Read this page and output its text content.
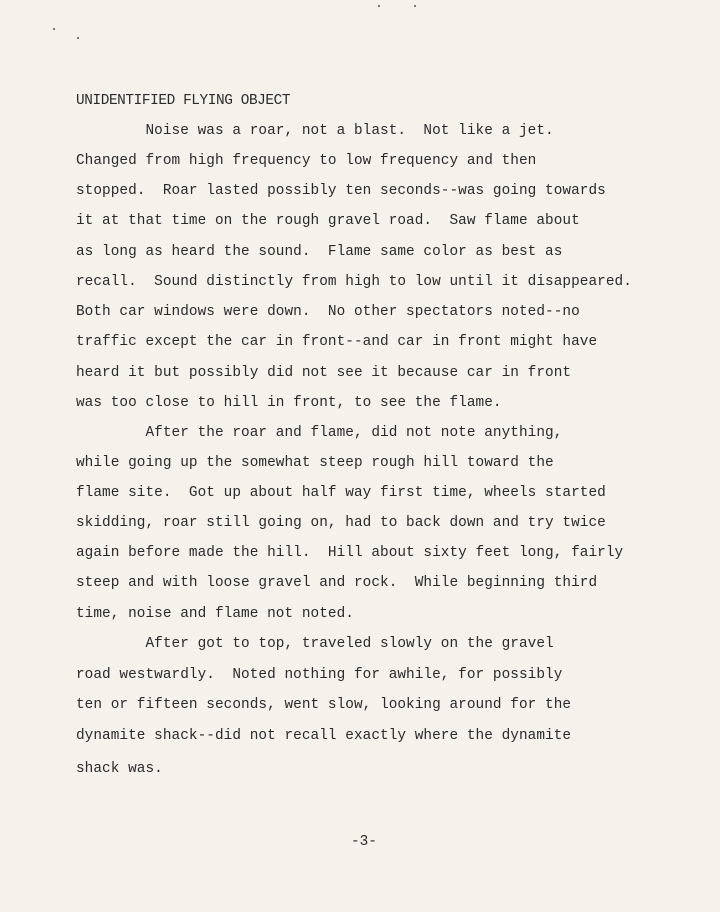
UNIDENTIFIED FLYING OBJECT

Noise was a roar, not a blast.  Not like a jet.

Changed from high frequency to low frequency and then

stopped.  Roar lasted possibly ten seconds--was going towards

it at that time on the rough gravel road.  Saw flame about

as long as heard the sound.  Flame same color as best as

recall.  Sound distinctly from high to low until it disappeared.

Both car windows were down.  No other spectators noted--no

traffic except the car in front--and car in front might have

heard it but possibly did not see it because car in front

was too close to hill in front, to see the flame.

After the roar and flame, did not note anything,

while going up the somewhat steep rough hill toward the

flame site.  Got up about half way first time, wheels started

skidding, roar still going on, had to back down and try twice

again before made the hill.  Hill about sixty feet long, fairly

steep and with loose gravel and rock.  While beginning third

time, noise and flame not noted.

After got to top, traveled slowly on the gravel

road westwardly.  Noted nothing for awhile, for possibly

ten or fifteen seconds, went slow, looking around for the

dynamite shack--did not recall exactly where the dynamite

shack was.

-3-
